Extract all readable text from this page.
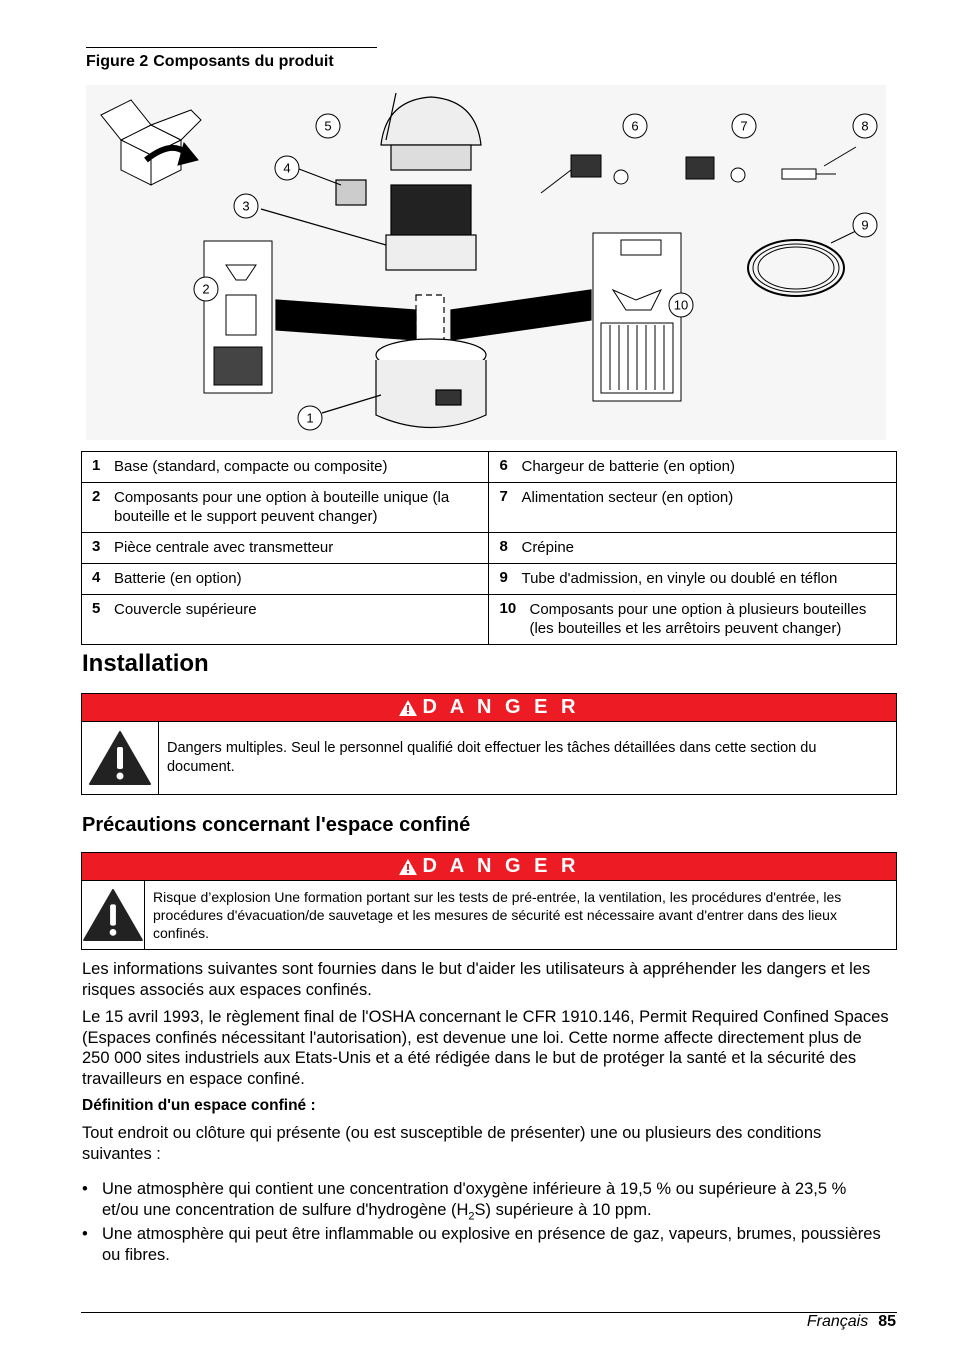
Figure 2 Composants du produit
1
2
3
4
5	6	7	8
9
10
1 Base (standard, compacte ou composite)	6 Chargeur de batterie (en option)

2 Composants pour une option à bouteille unique (la bouteille et le support peuvent changer)	7 Alimentation secteur (en option)

3 Pièce centrale avec transmetteur	8 Crépine

4 Batterie (en option)	9 Tube d'admission, en vinyle ou doublé en téflon

5 Couvercle supérieure	10 Composants pour une option à plusieurs bouteilles (les bouteilles et les arrêtoirs peuvent changer)
Installation
D A N G E R
Dangers multiples. Seul le personnel qualifié doit effectuer les tâches détaillées dans cette section du document.
Précautions concernant l'espace confiné
D A N G E R
Risque d’explosion Une formation portant sur les tests de pré-entrée, la ventilation, les procédures d'entrée, les procédures d'évacuation/de sauvetage et les mesures de sécurité est nécessaire avant d'entrer dans des lieux confinés.
Les informations suivantes sont fournies dans le but d'aider les utilisateurs à appréhender les dangers et les risques associés aux espaces confinés.
Le 15 avril 1993, le règlement final de l'OSHA concernant le CFR 1910.146, Permit Required Confined Spaces (Espaces confinés nécessitant l'autorisation), est devenue une loi. Cette norme affecte directement plus de 250 000 sites industriels aux Etats-Unis et a été rédigée dans le but de protéger la santé et la sécurité des travailleurs en espace confiné.
Définition d'un espace confiné :
Tout endroit ou clôture qui présente (ou est susceptible de présenter) une ou plusieurs des conditions suivantes :
• Une atmosphère qui contient une concentration d'oxygène inférieure à 19,5 % ou supérieure à 23,5 % et/ou une concentration de sulfure d'hydrogène $(H_2S)$ supérieure à 10 ppm.
• Une atmosphère qui peut être inflammable ou explosive en présence de gaz, vapeurs, brumes, poussières ou fibres.
Français 85
